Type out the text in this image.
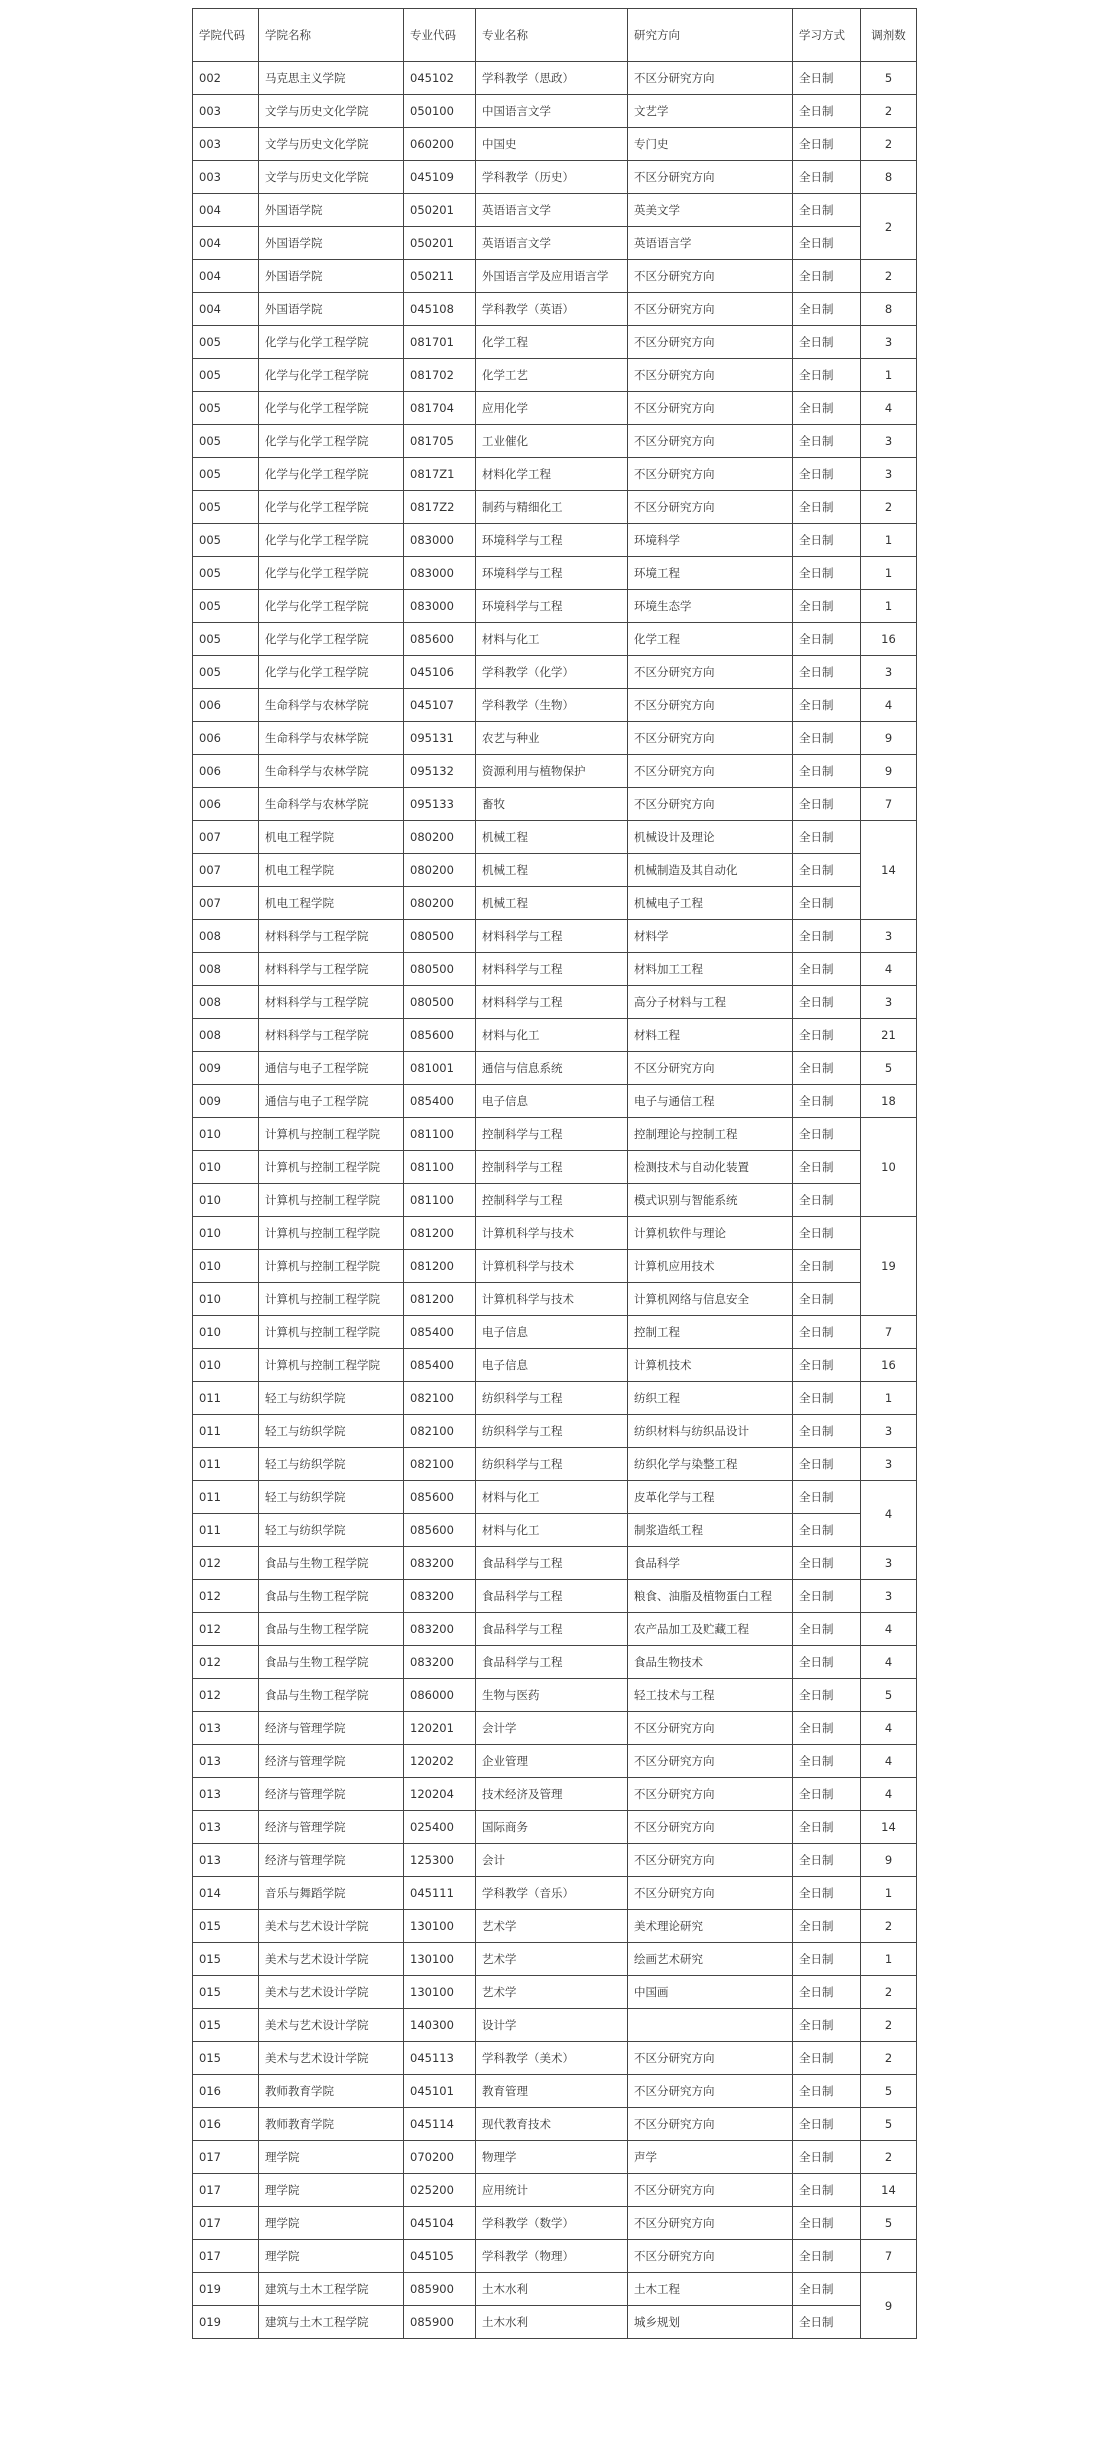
学院代码	学院名称	专业代码	专业名称	研究方向	学习方式	调剂数
002	马克思主义学院	045102	学科教学（思政）	不区分研究方向	全日制	5
003	文学与历史文化学院	050100	中国语言文学	文艺学	全日制	2
003	文学与历史文化学院	060200	中国史	专门史	全日制	2
003	文学与历史文化学院	045109	学科教学（历史）	不区分研究方向	全日制	8
004	外国语学院	050201	英语语言文学	英美文学	全日制	2
004	外国语学院	050201	英语语言文学	英语语言学	全日制	
004	外国语学院	050211	外国语言学及应用语言学	不区分研究方向	全日制	2
004	外国语学院	045108	学科教学（英语）	不区分研究方向	全日制	8
005	化学与化学工程学院	081701	化学工程	不区分研究方向	全日制	3
005	化学与化学工程学院	081702	化学工艺	不区分研究方向	全日制	1
005	化学与化学工程学院	081704	应用化学	不区分研究方向	全日制	4
005	化学与化学工程学院	081705	工业催化	不区分研究方向	全日制	3
005	化学与化学工程学院	0817Z1	材料化学工程	不区分研究方向	全日制	3
005	化学与化学工程学院	0817Z2	制药与精细化工	不区分研究方向	全日制	2
005	化学与化学工程学院	083000	环境科学与工程	环境科学	全日制	1
005	化学与化学工程学院	083000	环境科学与工程	环境工程	全日制	1
005	化学与化学工程学院	083000	环境科学与工程	环境生态学	全日制	1
005	化学与化学工程学院	085600	材料与化工	化学工程	全日制	16
005	化学与化学工程学院	045106	学科教学（化学）	不区分研究方向	全日制	3
006	生命科学与农林学院	045107	学科教学（生物）	不区分研究方向	全日制	4
006	生命科学与农林学院	095131	农艺与种业	不区分研究方向	全日制	9
006	生命科学与农林学院	095132	资源利用与植物保护	不区分研究方向	全日制	9
006	生命科学与农林学院	095133	畜牧	不区分研究方向	全日制	7
007	机电工程学院	080200	机械工程	机械设计及理论	全日制	14
007	机电工程学院	080200	机械工程	机械制造及其自动化	全日制	
007	机电工程学院	080200	机械工程	机械电子工程	全日制	
008	材料科学与工程学院	080500	材料科学与工程	材料学	全日制	3
008	材料科学与工程学院	080500	材料科学与工程	材料加工工程	全日制	4
008	材料科学与工程学院	080500	材料科学与工程	高分子材料与工程	全日制	3
008	材料科学与工程学院	085600	材料与化工	材料工程	全日制	21
009	通信与电子工程学院	081001	通信与信息系统	不区分研究方向	全日制	5
009	通信与电子工程学院	085400	电子信息	电子与通信工程	全日制	18
010	计算机与控制工程学院	081100	控制科学与工程	控制理论与控制工程	全日制	10
010	计算机与控制工程学院	081100	控制科学与工程	检测技术与自动化装置	全日制	
010	计算机与控制工程学院	081100	控制科学与工程	模式识别与智能系统	全日制	
010	计算机与控制工程学院	081200	计算机科学与技术	计算机软件与理论	全日制	19
010	计算机与控制工程学院	081200	计算机科学与技术	计算机应用技术	全日制	
010	计算机与控制工程学院	081200	计算机科学与技术	计算机网络与信息安全	全日制	
010	计算机与控制工程学院	085400	电子信息	控制工程	全日制	7
010	计算机与控制工程学院	085400	电子信息	计算机技术	全日制	16
011	轻工与纺织学院	082100	纺织科学与工程	纺织工程	全日制	1
011	轻工与纺织学院	082100	纺织科学与工程	纺织材料与纺织品设计	全日制	3
011	轻工与纺织学院	082100	纺织科学与工程	纺织化学与染整工程	全日制	3
011	轻工与纺织学院	085600	材料与化工	皮革化学与工程	全日制	4
011	轻工与纺织学院	085600	材料与化工	制浆造纸工程	全日制	
012	食品与生物工程学院	083200	食品科学与工程	食品科学	全日制	3
012	食品与生物工程学院	083200	食品科学与工程	粮食、油脂及植物蛋白工程	全日制	3
012	食品与生物工程学院	083200	食品科学与工程	农产品加工及贮藏工程	全日制	4
012	食品与生物工程学院	083200	食品科学与工程	食品生物技术	全日制	4
012	食品与生物工程学院	086000	生物与医药	轻工技术与工程	全日制	5
013	经济与管理学院	120201	会计学	不区分研究方向	全日制	4
013	经济与管理学院	120202	企业管理	不区分研究方向	全日制	4
013	经济与管理学院	120204	技术经济及管理	不区分研究方向	全日制	4
013	经济与管理学院	025400	国际商务	不区分研究方向	全日制	14
013	经济与管理学院	125300	会计	不区分研究方向	全日制	9
014	音乐与舞蹈学院	045111	学科教学（音乐）	不区分研究方向	全日制	1
015	美术与艺术设计学院	130100	艺术学	美术理论研究	全日制	2
015	美术与艺术设计学院	130100	艺术学	绘画艺术研究	全日制	1
015	美术与艺术设计学院	130100	艺术学	中国画	全日制	2
015	美术与艺术设计学院	140300	设计学		全日制	2
015	美术与艺术设计学院	045113	学科教学（美术）	不区分研究方向	全日制	2
016	教师教育学院	045101	教育管理	不区分研究方向	全日制	5
016	教师教育学院	045114	现代教育技术	不区分研究方向	全日制	5
017	理学院	070200	物理学	声学	全日制	2
017	理学院	025200	应用统计	不区分研究方向	全日制	14
017	理学院	045104	学科教学（数学）	不区分研究方向	全日制	5
017	理学院	045105	学科教学（物理）	不区分研究方向	全日制	7
019	建筑与土木工程学院	085900	土木水利	土木工程	全日制	9
019	建筑与土木工程学院	085900	土木水利	城乡规划	全日制	
